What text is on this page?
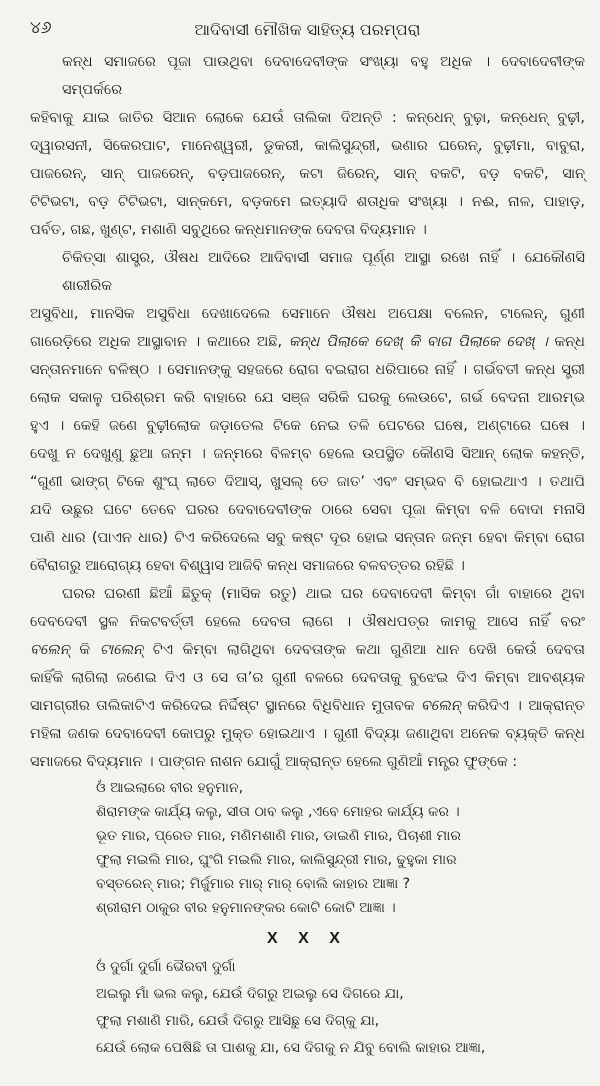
୪୬	ଆଦିବାସୀ ମୌଖିକ ସାହିତ୍ୟ ପରମ୍ପରା
କନ୍ଧ ସମାଜରେ ପୂଜା ପାଉଥିବା ଦେବାଦେବୀଙ୍କ ସଂଖ୍ୟା ବହୁ ଅଧିକ । ଦେବାଦେବୀଙ୍କ ସମ୍ପର୍କରେ
କହିବାକୁ ଯାଇ ଜାତିର ସିଆନ ଲୋକେ ଯେଉଁ ତାଲିକା ଦିଅନ୍ତି : କନ୍ଧେନ୍ ବୁଢ଼ା, କନ୍ଧେନ୍ ବୁଢ଼ୀ,
ଦ୍ୱାରସନୀ, ସିକେରପାଟ, ମାନେଶ୍ୱରୀ, ଡୁକରୀ, କାଲିସୁନ୍ଦ୍ରୀ, ଭଣାର ଘରେନ୍, ବୁଢ଼ୀମା, ବାବୁରା,
ପାଜରେନ୍, ସାନ୍ ପାଜରେନ୍, ବଡ଼ପାଜରେନ୍, କଟା ଜିରେନ୍, ସାନ୍ ବକଟି, ବଡ଼ ବକଟି, ସାନ୍
ଟିଟିଭଟା, ବଡ଼ ଟିଟିଭଟା, ସାନ୍‌କମେ, ବଡ଼କମେ ଇତ୍ୟାଦି ଶତାଧିକ ସଂଖ୍ୟା । ନଈ, ନାଳ, ପାହାଡ଼,
ପର୍ବତ, ଗଛ, ଖୁଣ୍ଟ, ମଶାଣି ସବୁଥିରେ କନ୍ଧମାନଙ୍କ ଦେବତା ବିଦ୍ୟମାନ ।
ଚିକିତ୍ସା ଶାସ୍ତ୍ର, ଔଷଧ ଆଦିରେ ଆଦିବାସୀ ସମାଜ ପୂର୍ଣ୍ଣ ଆସ୍ଥା ରଖେ ନାହିଁ । ଯେକୌଣସି ଶାରୀରିକ
ଅସୁବିଧା, ମାନସିକ ଅସୁବିଧା ଦେଖାଦେଲେ ସେମାନେ ଔଷଧ ଅପେକ୍ଷା ବଲେନ, ଟାଲେନ୍, ଗୁଣୀ
ଗାରେଡ଼ିରେ ଅଧିକ ଆସ୍ଥାବାନ । କଥାରେ ଅଛି, କନ୍ଧ ପିଲାକେ ଦେଖ୍ କି ବାଗ ପିଲାକେ ଦେଖ୍ । କନ୍ଧ
ସନ୍ତାନମାନେ ବଳିଷ୍ଠ । ସେମାନଙ୍କୁ ସହଜରେ ରୋଗ ବଇରାଗ ଧରିପାରେ ନାହିଁ । ଗର୍ଭବତୀ କନ୍ଧ ସ୍ତ୍ରୀ
ଲୋକ ସକାଳୁ ପରିଶ୍ରମ କରି ବାହାରେ ଯେ ସଞ୍ଜ ସରିକି ଘରକୁ ଲେଉଟେ, ଗର୍ଭ ବେଦନା ଆରମ୍ଭ
ହୁଏ । କେହି ଜଣେ ବୁଢ଼ୀଲୋକ ଜଡ଼ାତେଲ ଟିକେ ନେଇ ତଳି ପେଟରେ ଘଷେ, ଅଣ୍ଟାରେ ଘଷେ ।
ଦେଖୁ ନ ଦେଖୁଣୁ ଛୁଆ ଜନ୍ମ । ଜନ୍ମରେ ବିଳମ୍ବ ହେଲେ ଉପସ୍ଥିତ କୌଣସି ସିଆନ୍ ଲୋକ କହନ୍ତି,
“ଗୁଣୀ ଭାଙ୍ଗ୍ ଟିକେ ଶୁଂଘ୍ ଲାତେ ଦିଆସ୍, ଖୁସଲ୍ ତେ ଜାତ’ ଏବଂ ସମ୍ଭବ ବି ହୋଇଥାଏ । ତଥାପି
ଯଦି ଉଛୁର ଘଟେ ତେବେ ଘରର ଦେବାଦେବୀଙ୍କ ଠାରେ ସେବା ପୂଜା କିମ୍ବା ବଳି ବୋଦା ମନାସି
ପାଣି ଧାର (ପାଏନ ଧାର) ଟିଏ କରିଦେଲେ ସବୁ କଷ୍ଟ ଦୂର ହୋଇ ସନ୍ତାନ ଜନ୍ମ ହେବା କିମ୍ବା ରୋଗ
ବୈରାଗରୁ ଆରୋଗ୍ୟ ହେବା ବିଶ୍ୱାସ ଆଜିବି କନ୍ଧ ସମାଜରେ ବଳବତ୍ତର ରହିଛି ।
ଘରର ଘରଣୀ ଛିଆଁ ଛିତୁକ୍ (ମାସିକ ରତୁ) ଥାଇ ଘର ଦେବାଦେବୀ କିମ୍ବା ଗାଁ ବାହାରେ ଥିବା
ଦେବଦେବୀ ସ୍ଥଳ ନିକଟବର୍ତ୍ତୀ ହେଲେ ଦେବତା ଲାଗେ । ଔଷଧପତ୍ର କାମକୁ ଆସେ ନାହିଁ ବରଂ
ବଲେନ୍ କି ଟାଲେନ୍ ଟିଏ କିମ୍ବା ଲାଗିଥିବା ଦେବତାଙ୍କ କଥା ଗୁଣିଆ ଧାନ ଦେଖି କେଉଁ ଦେବତା
କାହିଁକି ଲାଗିଲା ଜଣେଇ ଦିଏ ଓ ସେ ତା’ର ଗୁଣୀ ବଳରେ ଦେବତାକୁ ବୁଝେଇ ଦିଏ କିମ୍ବା ଆବଶ୍ୟକ
ସାମଗ୍ରୀର ତାଲିକାଟିଏ କରିଦେଇ ନିର୍ଦ୍ଦିଷ୍ଟ ସ୍ଥାନରେ ବିଧିବିଧାନ ମୁତାବକ ବଲେନ୍ କରିଦିଏ । ଆକ୍ରାନ୍ତ
ମହିଳା ଜଣକ ଦେବାଦେବୀ କୋପରୁ ମୁକ୍ତ ହୋଇଥାଏ । ଗୁଣୀ ବିଦ୍ୟା ଜଣାଥିବା ଅନେକ ବ୍ୟକ୍ତି କନ୍ଧ
ସମାଜରେ ବିଦ୍ୟମାନ । ପାଙ୍ଗନ ନାଶନ ଯୋଗୁଁ ଆକ୍ରାନ୍ତ ହେଲେ ଗୁଣିଆଁ ମନ୍ତ୍ର ଫୁଙ୍କେ :
ଓଁ ଆଇଲାରେ ବୀର ହନୁମାନ,
ଶିରାମଙ୍କ କାର୍ଯ୍ୟ କଲୁ, ସୀତା ଠାବ କଲୁ ,ଏବେ ମୋହର କାର୍ଯ୍ୟ କର ।
ଭୂତ ମାର, ପ୍ରେତ ମାର, ମଣିମଶାଣି ମାର, ଡାଇଣି ମାର, ପିଚାଶୀ ମାର
ଫୁଲା ମଇଲି ମାର, ଘୁଂଗି ମଇଲି ମାର, କାଲିସୁନ୍ଦ୍ରୀ ମାର, ଢୁହୁକା ମାର
ବସ୍ତରେନ୍ ମାର; ମିର୍ଜୁମାର ମାର୍ ମାର୍ ବୋଲି କାହାର ଆଜ୍ଞା ?
ଶ୍ରୀରାମ ଠାକୁର ବୀର ହନୁମାନଙ୍କର କୋଟି କୋଟି ଆଜ୍ଞା ।
X X X
ଓଁ ଦୁର୍ଗା ଦୁର୍ଗା ଭୈରବୀ ଦୁର୍ଗା
ଅଇଲୁ ମାଁ ଭଲ କଲୁ, ଯେଉଁ ଦିଗରୁ ଅଇଲୁ ସେ ଦିଗରେ ଯା,
ଫୁଲା ମଶାଣି ମାରି, ଯେଉଁ ଦିଗରୁ ଆସିଛୁ ସେ ଦିଗ୍‌କୁ ଯା,
ଯେଉଁ ଲୋକ ପେଷିଛି ତା ପାଶକୁ ଯା, ସେ ଦିଗକୁ ନ ଯିବୁ ବୋଲି କାହାର ଆଜ୍ଞା,
